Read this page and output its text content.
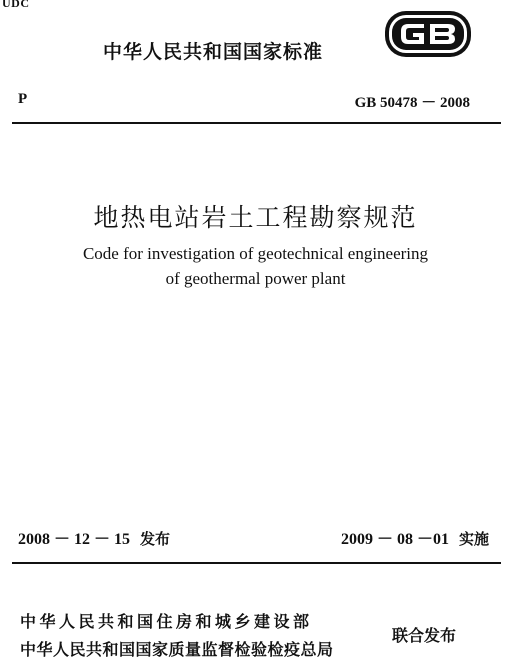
UDC
中华人民共和国国家标准
P	GB 50478 － 2008
地热电站岩土工程勘察规范
Code for investigation of geotechnical engineering
of geothermal power plant
2008 － 12 － 15 发布	2009 － 08 －01 实施
中华人民共和国住房和城乡建设部
中华人民共和国国家质量监督检验检疫总局
联合发布
